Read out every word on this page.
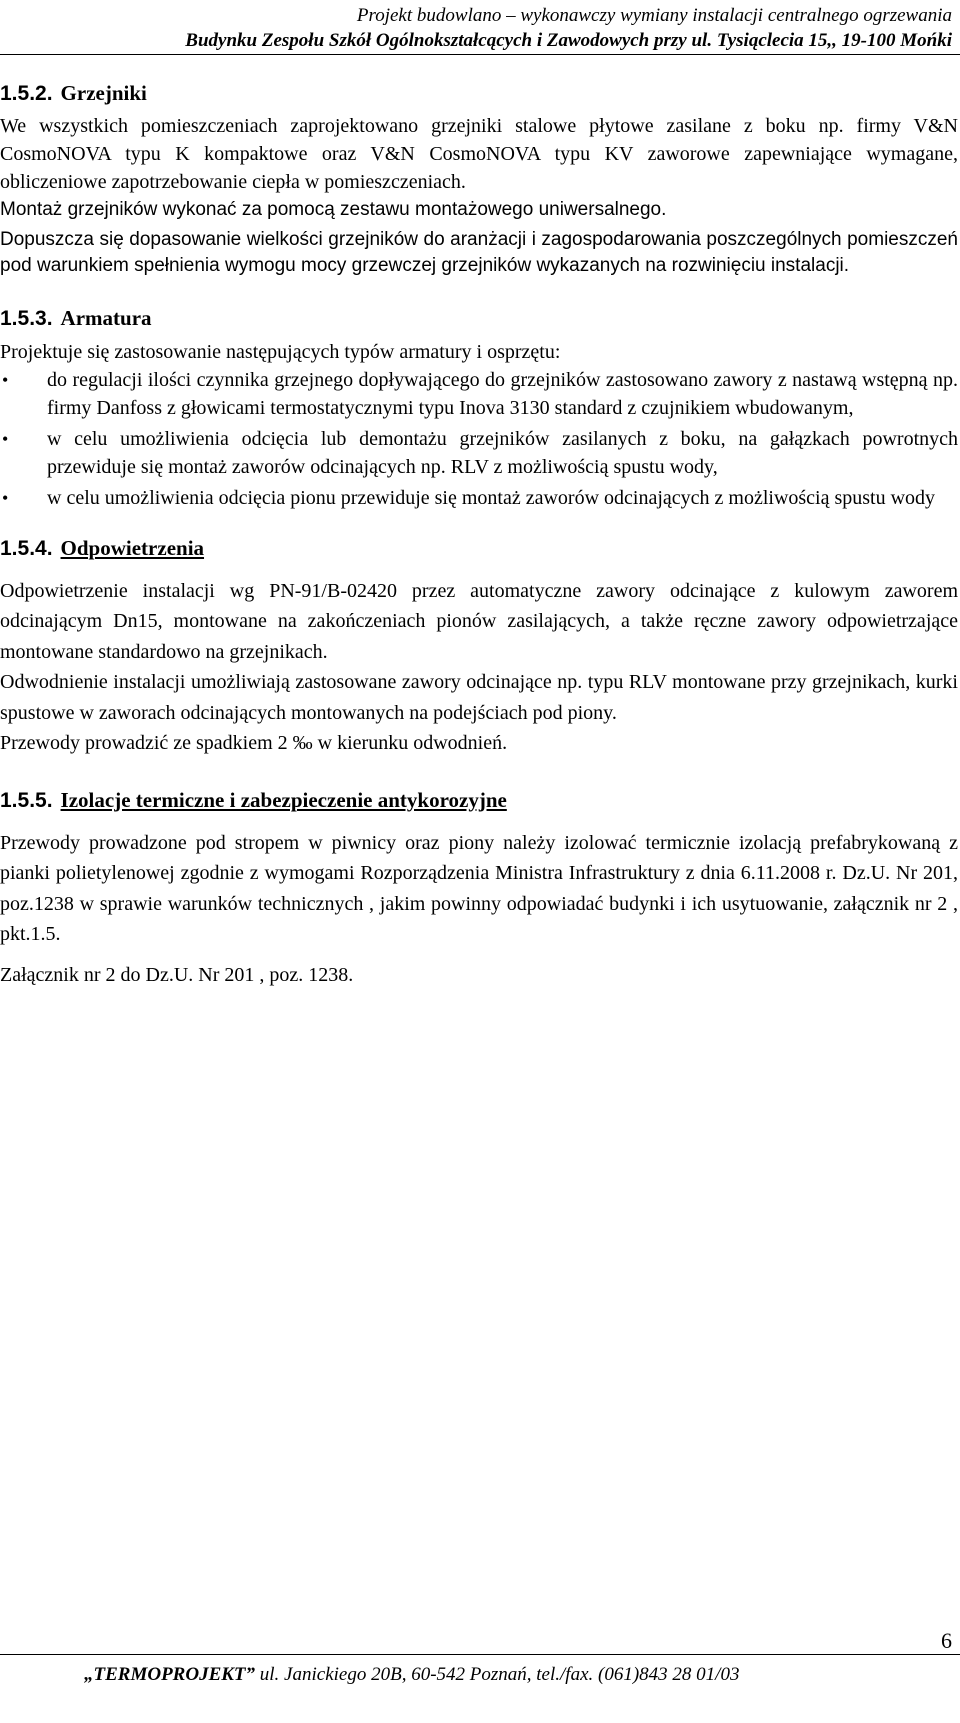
Projekt budowlano – wykonawczy wymiany instalacji centralnego ogrzewania
Budynku Zespołu Szkół Ogólnokształcących i Zawodowych przy ul. Tysiąclecia 15,, 19-100 Mońki
1.5.2. Grzejniki

We wszystkich pomieszczeniach zaprojektowano grzejniki stalowe płytowe zasilane z boku np. firmy V&N CosmoNOVA typu K kompaktowe oraz V&N CosmoNOVA typu KV zaworowe zapewniające wymagane, obliczeniowe zapotrzebowanie ciepła w pomieszczeniach.

Montaż grzejników wykonać za pomocą zestawu montażowego uniwersalnego.

Dopuszcza się dopasowanie wielkości grzejników do aranżacji i zagospodarowania poszczególnych pomieszczeń pod warunkiem spełnienia wymogu mocy grzewczej grzejników wykazanych na rozwinięciu instalacji.

1.5.3. Armatura

Projektuje się zastosowanie następujących typów armatury i osprzętu:

• do regulacji ilości czynnika grzejnego dopływającego do grzejników zastosowano zawory z nastawą wstępną np. firmy Danfoss z głowicami termostatycznymi typu Inova 3130 standard z czujnikiem wbudowanym,
• w celu umożliwienia odcięcia lub demontażu grzejników zasilanych z boku, na gałązkach powrotnych przewiduje się montaż zaworów odcinających np. RLV z możliwością spustu wody,
• w celu umożliwienia odcięcia pionu przewiduje się montaż zaworów odcinających z możliwością spustu wody
1.5.4. Odpowietrzenia

Odpowietrzenie instalacji wg PN-91/B-02420 przez automatyczne zawory odcinające z kulowym zaworem odcinającym Dn15, montowane na zakończeniach pionów zasilających, a także ręczne zawory odpowietrzające montowane standardowo na grzejnikach.

Odwodnienie instalacji umożliwiają zastosowane zawory odcinające np. typu RLV montowane przy grzejnikach, kurki spustowe w zaworach odcinających montowanych na podejściach pod piony.

Przewody prowadzić ze spadkiem 2 ‰ w kierunku odwodnień.

1.5.5. Izolacje termiczne i zabezpieczenie antykorozyjne

Przewody prowadzone pod stropem w piwnicy oraz piony należy izolować termicznie izolacją prefabrykowaną z pianki polietylenowej zgodnie z wymogami Rozporządzenia Ministra Infrastruktury z dnia 6.11.2008 r. Dz.U. Nr 201, poz.1238 w sprawie warunków technicznych , jakim powinny odpowiadać budynki i ich usytuowanie, załącznik nr 2 , pkt.1.5.

Załącznik nr 2 do Dz.U. Nr 201 , poz. 1238.

6
„TERMOPROJEKT” ul. Janickiego 20B, 60-542 Poznań, tel./fax. (061)843 28 01/03
